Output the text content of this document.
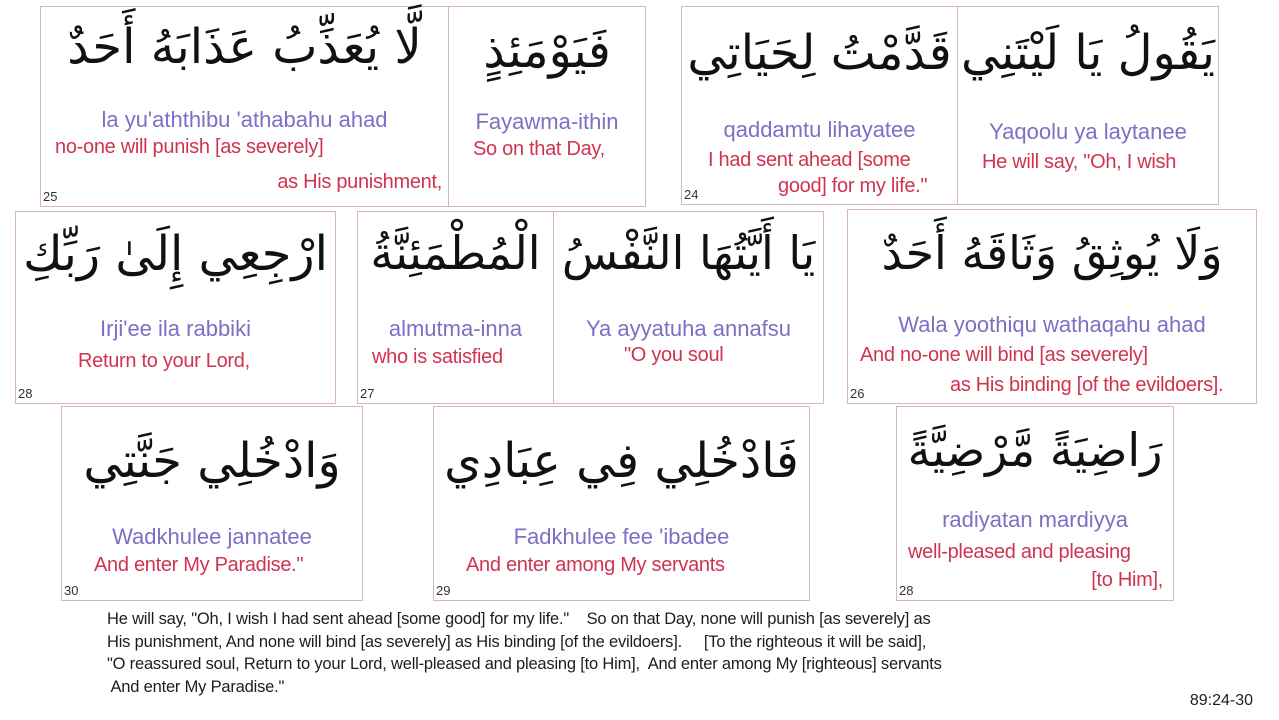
لَّا يُعَذِّبُ عَذَابَهُ أَحَدٌ
la yu'aththibu 'athabahu ahad
no-one will punish [as severely]
as His punishment,
25
فَيَوْمَئِذٍ
Fayawma-ithin
So on that Day,
قَدَّمْتُ لِحَيَاتِي
qaddamtu lihayatee
I had sent ahead [some
good] for my life."
24
يَقُولُ يَا لَيْتَنِي
Yaqoolu ya laytanee
He will say, "Oh, I wish
ارْجِعِي إِلَىٰ رَبِّكِ
Irji'ee ila rabbiki
Return to your Lord,
28
الْمُطْمَئِنَّةُ
almutma-inna
who is satisfied
27
يَا أَيَّتُهَا النَّفْسُ
Ya ayyatuha annafsu
"O you soul
وَلَا يُوثِقُ وَثَاقَهُ أَحَدٌ
Wala yoothiqu wathaqahu ahad
And no-one will bind [as severely]
as His binding [of the evildoers].
26
وَادْخُلِي جَنَّتِي
Wadkhulee jannatee
And enter My Paradise."
30
فَادْخُلِي فِي عِبَادِي
Fadkhulee fee 'ibadee
And enter among My servants
29
رَاضِيَةً مَّرْضِيَّةً
radiyatan mardiyya
well-pleased and pleasing
[to Him],
28
He will say, "Oh, I wish I had sent ahead [some good] for my life."    So on that Day, none will punish [as severely] as
His punishment, And none will bind [as severely] as His binding [of the evildoers].     [To the righteous it will be said],
"O reassured soul, Return to your Lord, well-pleased and pleasing [to Him],  And enter among My [righteous] servants
And enter My Paradise."
89:24-30
